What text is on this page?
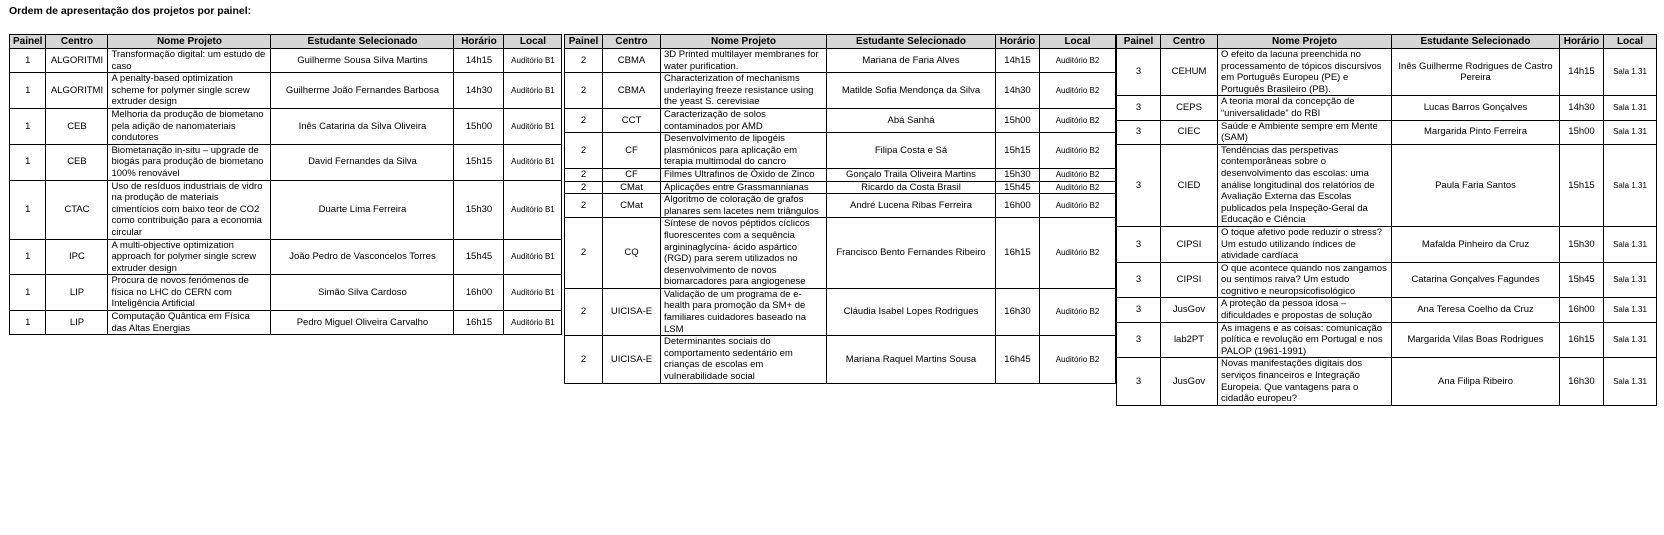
Ordem de apresentação dos projetos por painel:
Painel	Centro	Nome Projeto	Estudante Selecionado	Horário	Local
1	ALGORITMI	Transformação digital: um estudo de caso	Guilherme Sousa Silva Martins	14h15	Auditório B1
1	ALGORITMI	A penalty-based optimization scheme for polymer single screw extruder design	Guilherme João Fernandes Barbosa	14h30	Auditório B1
1	CEB	Melhoria da produção de biometano pela adição de nanomateriais condutores	Inês Catarina da Silva Oliveira	15h00	Auditório B1
1	CEB	Biometanação in-situ – upgrade de biogás para produção de biometano 100% renovável	David Fernandes da Silva	15h15	Auditório B1
1	CTAC	Uso de resíduos industriais de vidro na produção de materiais cimentícios com baixo teor de CO2 como contribuição para a economia circular	Duarte Lima Ferreira	15h30	Auditório B1
1	IPC	A multi-objective optimization approach for polymer single screw extruder design	João Pedro de Vasconcelos Torres	15h45	Auditório B1
1	LIP	Procura de novos fenómenos de física no LHC do CERN com Inteligência Artificial	Simão Silva Cardoso	16h00	Auditório B1
1	LIP	Computação Quântica em Física das Altas Energias	Pedro Miguel Oliveira Carvalho	16h15	Auditório B1
Painel	Centro	Nome Projeto	Estudante Selecionado	Horário	Local
2	CBMA	3D Printed multilayer membranes for water purification.	Mariana de Faria Alves	14h15	Auditório B2
2	CBMA	Characterization of mechanisms underlaying freeze resistance using the yeast S. cerevisiae	Matilde Sofia Mendonça da Silva	14h30	Auditório B2
2	CCT	Caracterização de solos contaminados por AMD	Abá Sanhá	15h00	Auditório B2
2	CF	Desenvolvimento de lipogéis plasmónicos para aplicação em terapia multimodal do cancro	Filipa Costa e Sá	15h15	Auditório B2
2	CF	Filmes Ultrafinos de Óxido de Zinco	Gonçalo Traila Oliveira Martins	15h30	Auditório B2
2	CMat	Aplicações entre Grassmannianas	Ricardo da Costa Brasil	15h45	Auditório B2
2	CMat	Algoritmo de coloração de grafos planares sem lacetes nem triângulos	André Lucena Ribas Ferreira	16h00	Auditório B2
2	CQ	Síntese de novos péptidos cíclicos fluorescentes com a sequência argininaglycina- ácido aspártico (RGD) para serem utilizados no desenvolvimento de novos biomarcadores para angiogenese	Francisco Bento Fernandes Ribeiro	16h15	Auditório B2
2	UICISA-E	Validação de um programa de e-health para promoção da SM+ de familiares cuidadores baseado na LSM	Cláudia Isabel Lopes Rodrigues	16h30	Auditório B2
2	UICISA-E	Determinantes sociais do comportamento sedentário em crianças de escolas em vulnerabilidade social	Mariana Raquel Martins Sousa	16h45	Auditório B2
Painel	Centro	Nome Projeto	Estudante Selecionado	Horário	Local
3	CEHUM	O efeito da lacuna preenchida no processamento de tópicos discursivos em Português Europeu (PE) e Português Brasileiro (PB).	Inês Guilherme Rodrigues de Castro Pereira	14h15	Sala 1.31
3	CEPS	A teoria moral da concepção de “universalidade” do RBI	Lucas Barros Gonçalves	14h30	Sala 1.31
3	CIEC	Saúde e Ambiente sempre em Mente (SAM)	Margarida Pinto Ferreira	15h00	Sala 1.31
3	CIED	Tendências das perspetivas contemporâneas sobre o desenvolvimento das escolas: uma análise longitudinal dos relatórios de Avaliação Externa das Escolas publicados pela Inspeção-Geral da Educação e Ciência	Paula Faria Santos	15h15	Sala 1.31
3	CIPSI	O toque afetivo pode reduzir o stress? Um estudo utilizando índices de atividade cardíaca	Mafalda Pinheiro da Cruz	15h30	Sala 1.31
3	CIPSI	O que acontece quando nos zangamos ou sentimos raiva? Um estudo cognitivo e neuropsicofisológico	Catarina Gonçalves Fagundes	15h45	Sala 1.31
3	JusGov	A proteção da pessoa idosa – dificuldades e propostas de solução	Ana Teresa Coelho da Cruz	16h00	Sala 1.31
3	lab2PT	As imagens e as coisas: comunicação política e revolução em Portugal e nos PALOP (1961-1991)	Margarida Vilas Boas Rodrigues	16h15	Sala 1.31
3	JusGov	Novas manifestações digitais dos serviços financeiros e Integração Europeia. Que vantagens para o cidadão europeu?	Ana Filipa Ribeiro	16h30	Sala 1.31
